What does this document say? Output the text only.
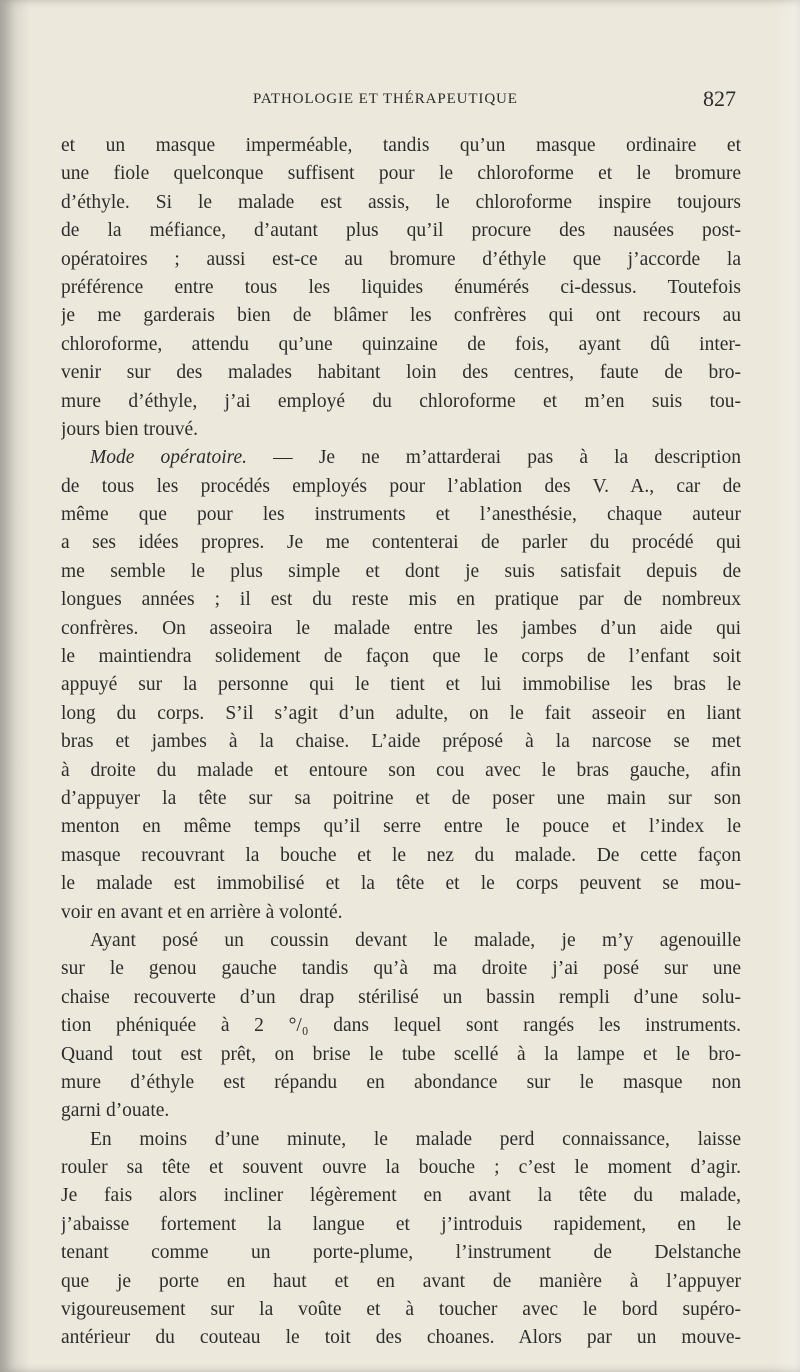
PATHOLOGIE ET THÉRAPEUTIQUE	827
et un masque imperméable, tandis qu’un masque ordinaire et
une fiole quelconque suffisent pour le chloroforme et le bromure
d’éthyle. Si le malade est assis, le chloroforme inspire toujours
de la méfiance, d’autant plus qu’il procure des nausées post-
opératoires ; aussi est-ce au bromure d’éthyle que j’accorde la
préférence entre tous les liquides énumérés ci-dessus. Toutefois
je me garderais bien de blâmer les confrères qui ont recours au
chloroforme, attendu qu’une quinzaine de fois, ayant dû inter-
venir sur des malades habitant loin des centres, faute de bro-
mure d’éthyle, j’ai employé du chloroforme et m’en suis tou-
jours bien trouvé.
Mode opératoire. — Je ne m’attarderai pas à la description
de tous les procédés employés pour l’ablation des V. A., car de
même que pour les instruments et l’anesthésie, chaque auteur
a ses idées propres. Je me contenterai de parler du procédé qui
me semble le plus simple et dont je suis satisfait depuis de
longues années ; il est du reste mis en pratique par de nombreux
confrères. On asseoira le malade entre les jambes d’un aide qui
le maintiendra solidement de façon que le corps de l’enfant soit
appuyé sur la personne qui le tient et lui immobilise les bras le
long du corps. S’il s’agit d’un adulte, on le fait asseoir en liant
bras et jambes à la chaise. L’aide préposé à la narcose se met
à droite du malade et entoure son cou avec le bras gauche, afin
d’appuyer la tête sur sa poitrine et de poser une main sur son
menton en même temps qu’il serre entre le pouce et l’index le
masque recouvrant la bouche et le nez du malade. De cette façon
le malade est immobilisé et la tête et le corps peuvent se mou-
voir en avant et en arrière à volonté.
Ayant posé un coussin devant le malade, je m’y agenouille
sur le genou gauche tandis qu’à ma droite j’ai posé sur une
chaise recouverte d’un drap stérilisé un bassin rempli d’une solu-
tion phéniquée à 2 °/₀ dans lequel sont rangés les instruments.
Quand tout est prêt, on brise le tube scellé à la lampe et le bro-
mure d’éthyle est répandu en abondance sur le masque non
garni d’ouate.
En moins d’une minute, le malade perd connaissance, laisse
rouler sa tête et souvent ouvre la bouche ; c’est le moment d’agir.
Je fais alors incliner légèrement en avant la tête du malade,
j’abaisse fortement la langue et j’introduis rapidement, en le
tenant comme un porte-plume, l’instrument de Delstanche
que je porte en haut et en avant de manière à l’appuyer
vigoureusement sur la voûte et à toucher avec le bord supéro-
antérieur du couteau le toit des choanes. Alors par un mouve-
